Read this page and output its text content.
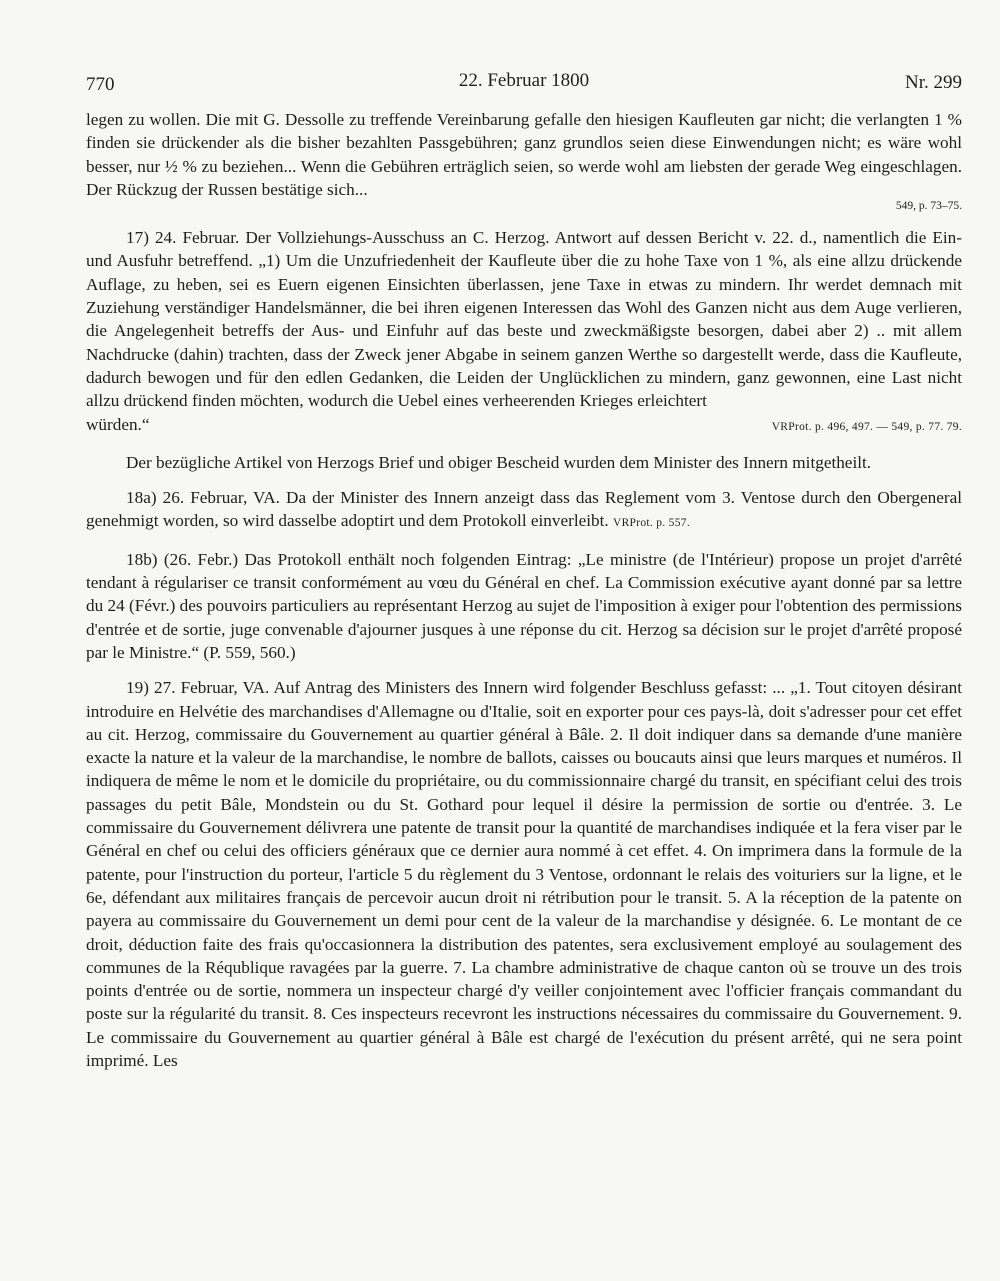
770	22. Februar 1800	Nr. 299

legen zu wollen. Die mit G. Dessolle zu treffende Vereinbarung gefalle den hiesigen Kaufleuten gar nicht; die verlangten 1 % finden sie drückender als die bisher bezahlten Passgebühren; ganz grundlos seien diese Einwendungen nicht; es wäre wohl besser, nur ½ % zu beziehen... Wenn die Gebühren erträglich seien, so werde wohl am liebsten der gerade Weg eingeschlagen. Der Rückzug der Russen bestätige sich...

549, p. 73–75.

17) 24. Februar. Der Vollziehungs-Ausschuss an C. Herzog. Antwort auf dessen Bericht v. 22. d., namentlich die Ein- und Ausfuhr betreffend. „1) Um die Unzufriedenheit der Kaufleute über die zu hohe Taxe von 1 %, als eine allzu drückende Auflage, zu heben, sei es Euern eigenen Einsichten überlassen, jene Taxe in etwas zu mindern. Ihr werdet demnach mit Zuziehung verständiger Handelsmänner, die bei ihren eigenen Interessen das Wohl des Ganzen nicht aus dem Auge verlieren, die Angelegenheit betreffs der Aus- und Einfuhr auf das beste und zweckmäßigste besorgen, dabei aber 2) .. mit allem Nachdrucke (dahin) trachten, dass der Zweck jener Abgabe in seinem ganzen Werthe so dargestellt werde, dass die Kaufleute, dadurch bewogen und für den edlen Gedanken, die Leiden der Unglücklichen zu mindern, ganz gewonnen, eine Last nicht allzu drückend finden möchten, wodurch die Uebel eines verheerenden Krieges erleichtert

würden.“	VRProt. p. 496, 497. — 549, p. 77. 79.

Der bezügliche Artikel von Herzogs Brief und obiger Bescheid wurden dem Minister des Innern mitgetheilt.

18a) 26. Februar, VA. Da der Minister des Innern anzeigt dass das Reglement vom 3. Ventose durch den Obergeneral genehmigt worden, so wird dasselbe adoptirt und dem Protokoll einverleibt. VRProt. p. 557.

18b) (26. Febr.) Das Protokoll enthält noch folgenden Eintrag: „Le ministre (de l'Intérieur) propose un projet d'arrêté tendant à régulariser ce transit conformément au vœu du Général en chef. La Commission exécutive ayant donné par sa lettre du 24 (Févr.) des pouvoirs particuliers au représentant Herzog au sujet de l'imposition à exiger pour l'obtention des permissions d'entrée et de sortie, juge convenable d'ajourner jusques à une réponse du cit. Herzog sa décision sur le projet d'arrêté proposé par le Ministre.“ (P. 559, 560.)

19) 27. Februar, VA. Auf Antrag des Ministers des Innern wird folgender Beschluss gefasst: ... „1. Tout citoyen désirant introduire en Helvétie des marchandises d'Allemagne ou d'Italie, soit en exporter pour ces pays-là, doit s'adresser pour cet effet au cit. Herzog, commissaire du Gouvernement au quartier général à Bâle. 2. Il doit indiquer dans sa demande d'une manière exacte la nature et la valeur de la marchandise, le nombre de ballots, caisses ou boucauts ainsi que leurs marques et numéros. Il indiquera de même le nom et le domicile du propriétaire, ou du commissionnaire chargé du transit, en spécifiant celui des trois passages du petit Bâle, Mondstein ou du St. Gothard pour lequel il désire la permission de sortie ou d'entrée. 3. Le commissaire du Gouvernement délivrera une patente de transit pour la quantité de marchandises indiquée et la fera viser par le Général en chef ou celui des officiers généraux que ce dernier aura nommé à cet effet. 4. On imprimera dans la formule de la patente, pour l'instruction du porteur, l'article 5 du règlement du 3 Ventose, ordonnant le relais des voituriers sur la ligne, et le 6e, défendant aux militaires français de percevoir aucun droit ni rétribution pour le transit. 5. A la réception de la patente on payera au commissaire du Gouvernement un demi pour cent de la valeur de la marchandise y désignée. 6. Le montant de ce droit, déduction faite des frais qu'occasionnera la distribution des patentes, sera exclusivement employé au soulagement des communes de la Réqublique ravagées par la guerre. 7. La chambre administrative de chaque canton où se trouve un des trois points d'entrée ou de sortie, nommera un inspecteur chargé d'y veiller conjointement avec l'officier français commandant du poste sur la régularité du transit. 8. Ces inspecteurs recevront les instructions nécessaires du commissaire du Gouvernement. 9. Le commissaire du Gouvernement au quartier général à Bâle est chargé de l'exécution du présent arrêté, qui ne sera point imprimé. Les
